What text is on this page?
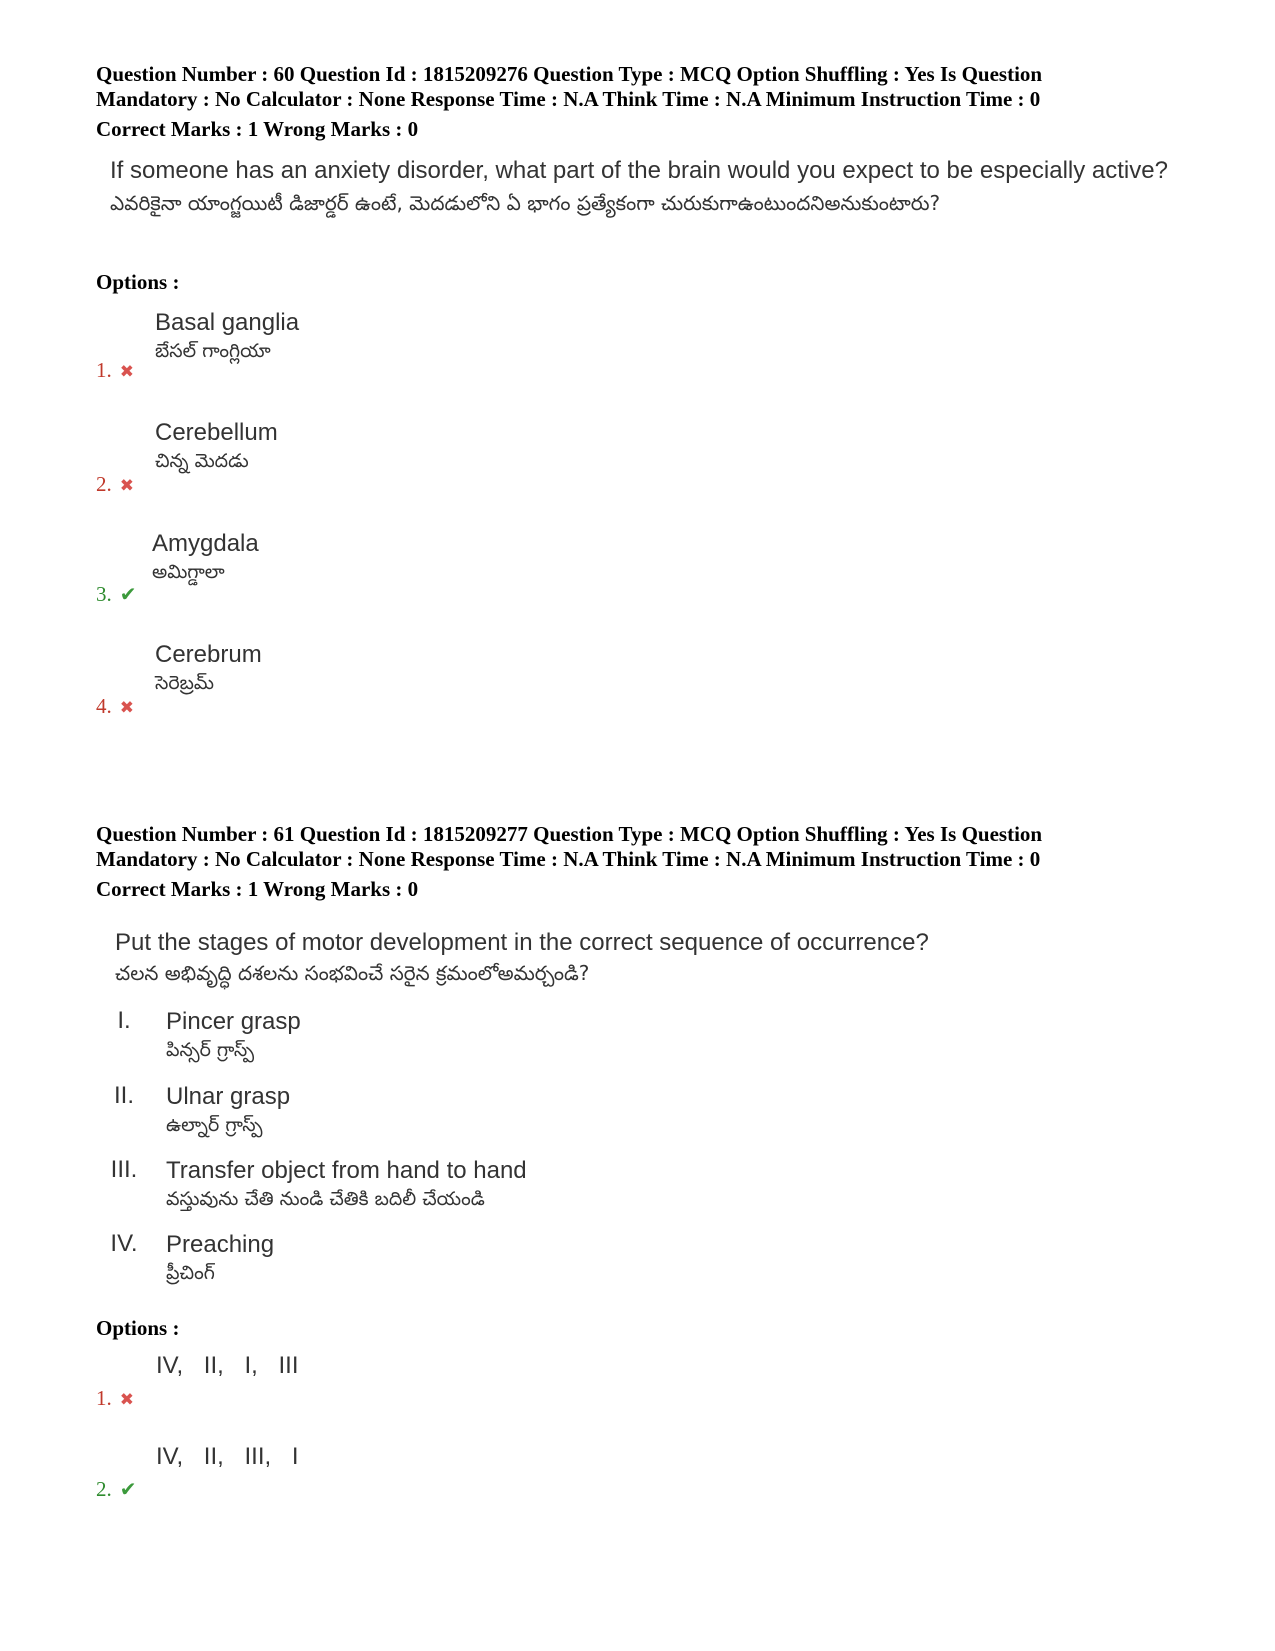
Question Number : 60 Question Id : 1815209276 Question Type : MCQ Option Shuffling : Yes Is Question
Mandatory : No Calculator : None Response Time : N.A Think Time : N.A Minimum Instruction Time : 0
Correct Marks : 1 Wrong Marks : 0
If someone has an anxiety disorder, what part of the brain would you expect to be especially active?
ఎవరికైనా యాంగ్జయిటీ డిజార్డర్ ఉంటే, మెదడులోని ఏ భాగం ప్రత్యేకంగా చురుకుగాఉంటుందనిఅనుకుంటారు?
Options :
Basal ganglia
బేసల్ గాంగ్లియా
1. ✖
Cerebellum
చిన్న మెదడు
2. ✖
Amygdala
అమిగ్డాలా
3. ✔
Cerebrum
సెరెబ్రమ్
4. ✖
Question Number : 61 Question Id : 1815209277 Question Type : MCQ Option Shuffling : Yes Is Question
Mandatory : No Calculator : None Response Time : N.A Think Time : N.A Minimum Instruction Time : 0
Correct Marks : 1 Wrong Marks : 0
Put the stages of motor development in the correct sequence of occurrence?
చలన అభివృద్ధి దశలను సంభవించే సరైన క్రమంలోఅమర్చండి?
I.	Pincer grasp
పిన్సర్ గ్రాస్ప్
II.	Ulnar grasp
ఉల్నార్ గ్రాస్ప్
III.	Transfer object from hand to hand
వస్తువును చేతి నుండి చేతికి బదిలీ చేయండి
IV.	Preaching
ప్రీచింగ్
Options :
IV, II, I, III
1. ✖
IV, II, III, I
2. ✔
